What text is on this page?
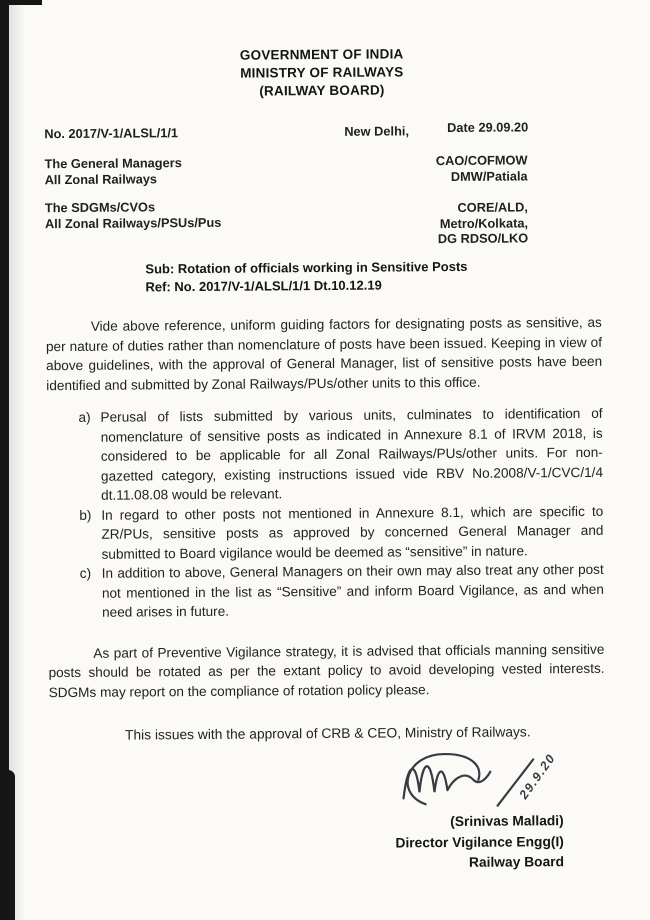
GOVERNMENT OF INDIA
MINISTRY OF RAILWAYS
(RAILWAY BOARD)
No. 2017/V-1/ALSL/1/1	New Delhi,	Date 29.09.20
The General Managers
All Zonal Railways
CAO/COFMOW
DMW/Patiala
The SDGMs/CVOs
All Zonal Railways/PSUs/Pus
CORE/ALD,
Metro/Kolkata,
DG RDSO/LKO
Sub: Rotation of officials working in Sensitive Posts
Ref: No. 2017/V-1/ALSL/1/1 Dt.10.12.19

Vide above reference, uniform guiding factors for designating posts as sensitive, as per nature of duties rather than nomenclature of posts have been issued. Keeping in view of above guidelines, with the approval of General Manager, list of sensitive posts have been identified and submitted by Zonal Railways/PUs/other units to this office.

a) Perusal of lists submitted by various units, culminates to identification of nomenclature of sensitive posts as indicated in Annexure 8.1 of IRVM 2018, is considered to be applicable for all Zonal Railways/PUs/other units. For non-gazetted category, existing instructions issued vide RBV No.2008/V-1/CVC/1/4 dt.11.08.08 would be relevant.
b) In regard to other posts not mentioned in Annexure 8.1, which are specific to ZR/PUs, sensitive posts as approved by concerned General Manager and submitted to Board vigilance would be deemed as “sensitive” in nature.
c) In addition to above, General Managers on their own may also treat any other post not mentioned in the list as “Sensitive” and inform Board Vigilance, as and when need arises in future.

As part of Preventive Vigilance strategy, it is advised that officials manning sensitive posts should be rotated as per the extant policy to avoid developing vested interests. SDGMs may report on the compliance of rotation policy please.

This issues with the approval of CRB & CEO, Ministry of Railways.

29.9.20
(Srinivas Malladi)
Director Vigilance Engg(I)
Railway Board
